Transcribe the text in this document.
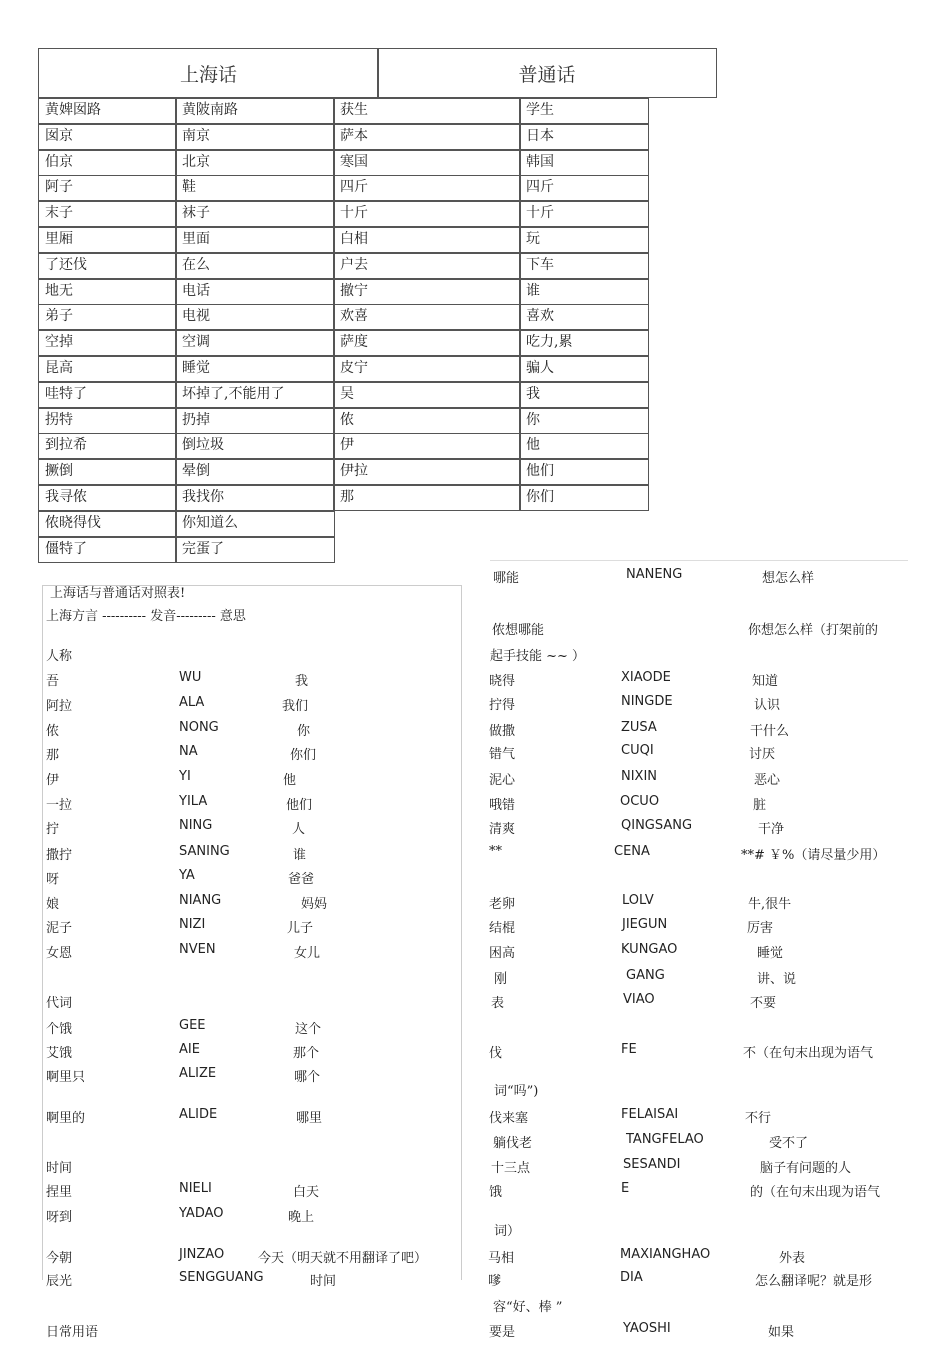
上海话	普通话
黄婢囡路	黄陂南路	获生	学生
囡京	南京	萨本	日本
伯京	北京	寒国	韩国
阿子	鞋	四斤	四斤
末子	袜子	十斤	十斤
里厢	里面	白相	玩
了还伐	在么	户去	下车
地无	电话	撤宁	谁
弟子	电视	欢喜	喜欢
空掉	空调	萨度	吃力,累
昆高	睡觉	皮宁	骗人
哇特了	坏掉了,不能用了	吴	我
拐特	扔掉	侬	你
到拉希	倒垃圾	伊	他
撅倒	晕倒	伊拉	他们
我寻侬	我找你	那	你们
侬晓得伐	你知道么
僵特了	完蛋了
上海话与普通话对照表!
上海方言 ---------- 发音--------- 意思
人称
吾	WU	我
阿拉	ALA	我们
侬	NONG	你
那	NA	你们
伊	YI	他
一拉	YILA	他们
拧	NING	人
撒拧	SANING	谁
呀	YA	爸爸
娘	NIANG	妈妈
泥子	NIZI	儿子
女恩	NVEN	女儿
个饿	GEE	这个
艾饿	AIE	那个
啊里只	ALIZE	哪个
啊里的	ALIDE	哪里
捏里	NIELI	白天
呀到	YADAO	晚上
今朝	JINZAO	今天（明天就不用翻译了吧）
辰光	SENGGUANG	时间
代词
时间
日常用语
哪能	NANENG	想怎么样
侬想哪能	你想怎么样（打架前的
起手技能 ~~ ）
晓得	XIAODE	知道
拧得	NINGDE	认识
做撒	ZUSA	干什么
错气	CUQI	讨厌
泥心	NIXIN	恶心
哦错	OCUO	脏
清爽	QINGSANG	干净
**	CENA	**# ￥%（请尽量少用）
老卵	LOLV	牛,很牛
结棍	JIEGUN	厉害
困高	KUNGAO	睡觉
刚	GANG	讲、说
表	VIAO	不要
伐	FE	不（在句末出现为语气
词“吗”)
伐来塞	FELAISAI	不行
躺伐老	TANGFELAO	受不了
十三点	SESANDI	脑子有问题的人
饿	E	的（在句末出现为语气
词）
马相	MAXIANGHAO	外表
嗲	DIA	怎么翻译呢？就是形
容“好、棒 ”
要是	YAOSHI	如果
